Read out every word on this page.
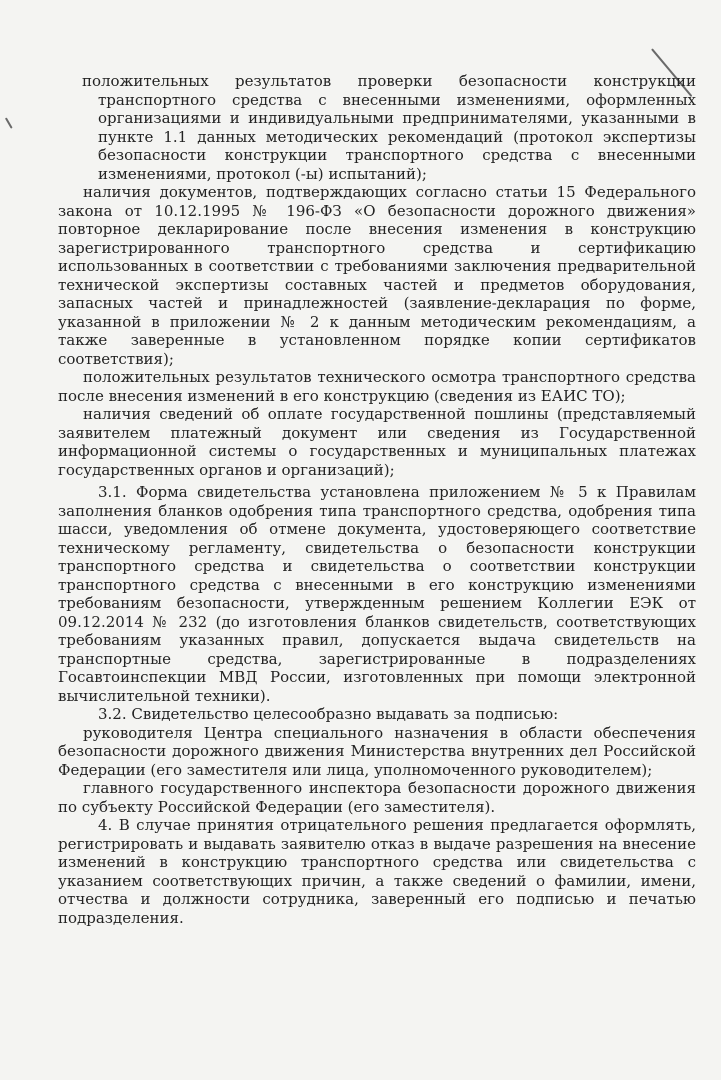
положительных результатов проверки безопасности конструкции транспортного средства с внесенными изменениями, оформленных организациями и индивидуальными предпринимателями, указанными в пункте 1.1 данных методических рекомендаций (протокол экспертизы безопасности конструкции транспортного средства с внесенными изменениями, протокол (-ы) испытаний);

наличия документов, подтверждающих согласно статьи 15 Федерального закона от 10.12.1995 № 196-ФЗ «О безопасности дорожного движения» повторное декларирование после внесения изменения в конструкцию зарегистрированного транспортного средства и сертификацию использованных в соответствии с требованиями заключения предварительной технической экспертизы составных частей и предметов оборудования, запасных частей и принадлежностей (заявление-декларация по форме, указанной в приложении № 2 к данным методическим рекомендациям, а также заверенные в установленном порядке копии сертификатов соответствия);

положительных результатов технического осмотра транспортного средства после внесения изменений в его конструкцию (сведения из ЕАИС ТО);

наличия сведений об оплате государственной пошлины (представляемый заявителем платежный документ или сведения из Государственной информационной системы о государственных и муниципальных платежах государственных органов и организаций);

3.1. Форма свидетельства установлена приложением № 5 к Правилам заполнения бланков одобрения типа транспортного средства, одобрения типа шасси, уведомления об отмене документа, удостоверяющего соответствие техническому регламенту, свидетельства о безопасности конструкции транспортного средства и свидетельства о соответствии конструкции транспортного средства с внесенными в его конструкцию изменениями требованиям безопасности, утвержденным решением Коллегии ЕЭК от 09.12.2014 № 232 (до изготовления бланков свидетельств, соответствующих требованиям указанных правил, допускается выдача свидетельств на транспортные средства, зарегистрированные в подразделениях Госавтоинспекции МВД России, изготовленных при помощи электронной вычислительной техники).

3.2. Свидетельство целесообразно выдавать за подписью:

руководителя Центра специального назначения в области обеспечения безопасности дорожного движения Министерства внутренних дел Российской Федерации (его заместителя или лица, уполномоченного руководителем);

главного государственного инспектора безопасности дорожного движения по субъекту Российской Федерации (его заместителя).

4. В случае принятия отрицательного решения предлагается оформлять, регистрировать и выдавать заявителю отказ в выдаче разрешения на внесение изменений в конструкцию транспортного средства или свидетельства с указанием соответствующих причин, а также сведений о фамилии, имени, отчества и должности сотрудника, заверенный его подписью и печатью подразделения.
